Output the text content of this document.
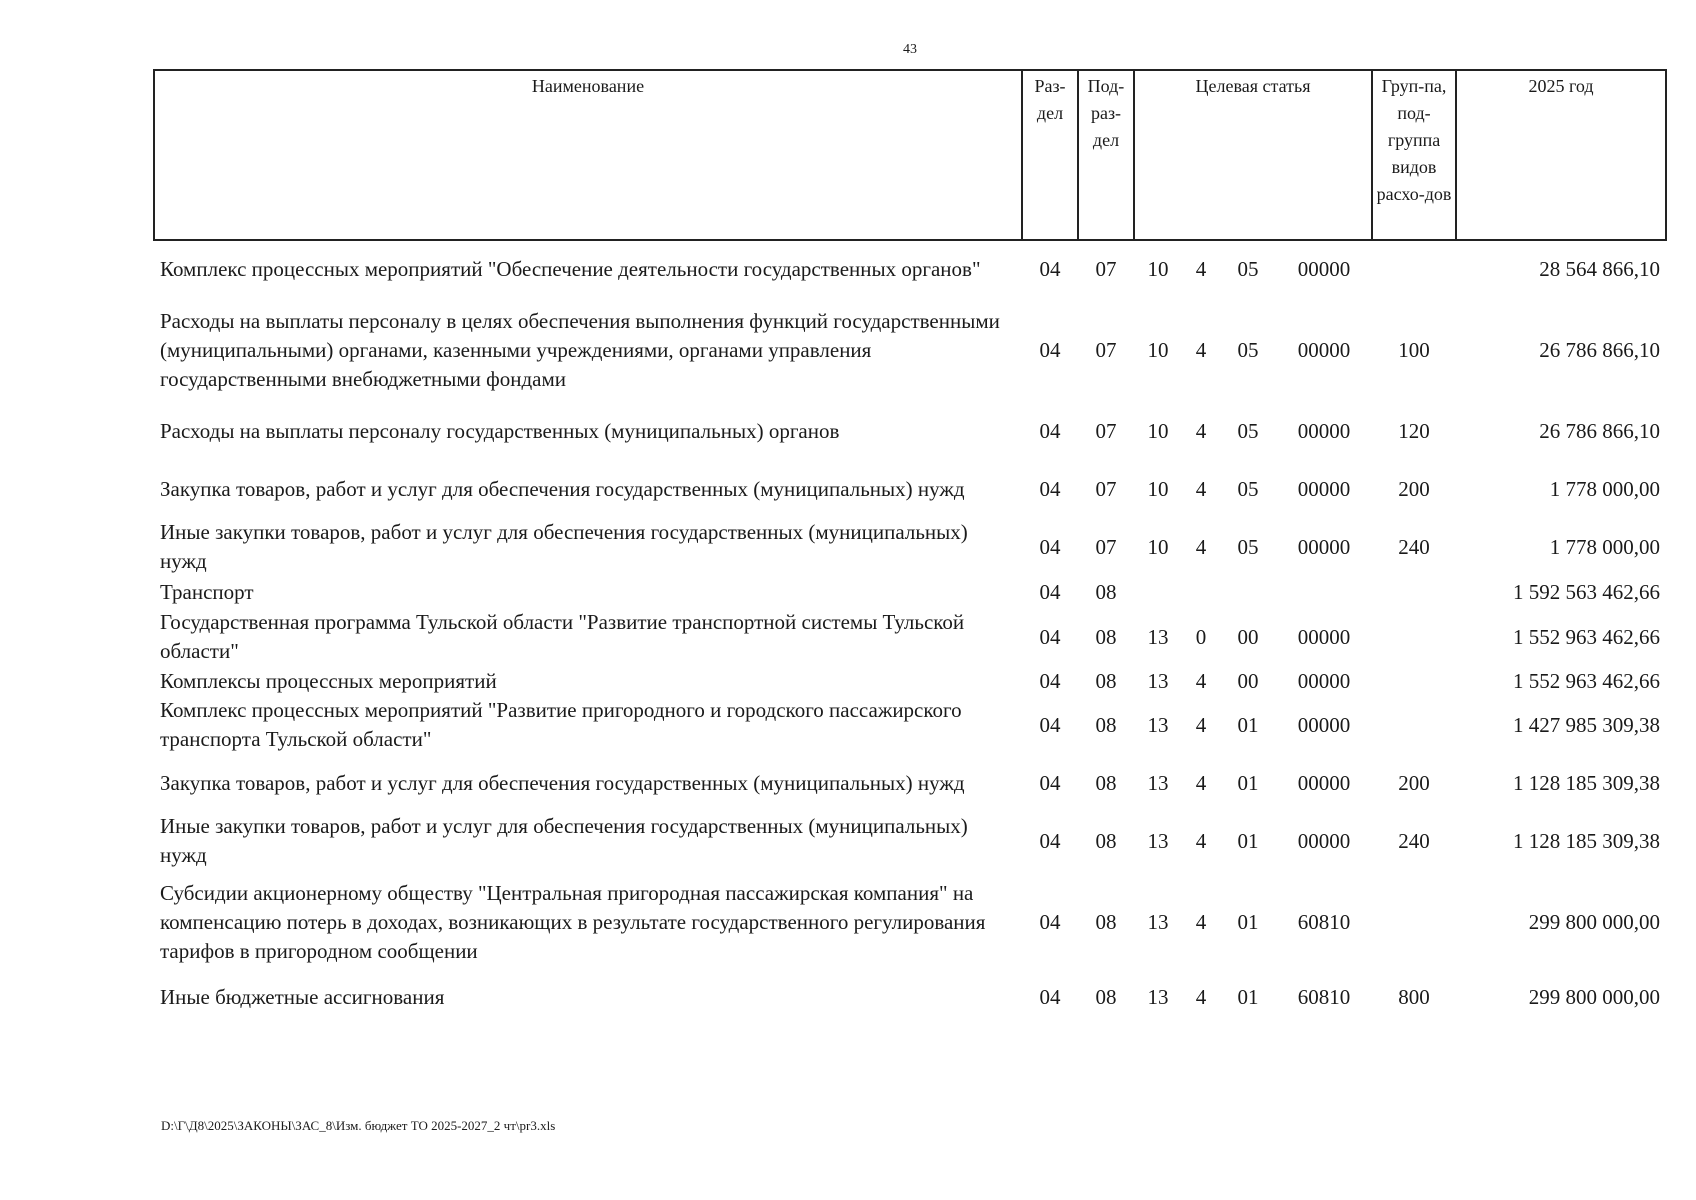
43
Наименование	Раз-дел	Под-раз-дел	Целевая статья				Груп-па, под-группа видов расхо-дов	2025 год
Комплекс процессных мероприятий "Обеспечение деятельности государственных органов"	04	07	10	4	05	00000		28 564 866,10
Расходы на выплаты персоналу в целях обеспечения выполнения функций государственными (муниципальными) органами, казенными учреждениями, органами управления государственными внебюджетными фондами	04	07	10	4	05	00000	100	26 786 866,10
Расходы на выплаты персоналу государственных (муниципальных) органов	04	07	10	4	05	00000	120	26 786 866,10
Закупка товаров, работ и услуг для обеспечения государственных (муниципальных) нужд	04	07	10	4	05	00000	200	1 778 000,00
Иные закупки товаров, работ и услуг для обеспечения государственных (муниципальных) нужд	04	07	10	4	05	00000	240	1 778 000,00
Транспорт	04	08						1 592 563 462,66
Государственная программа Тульской области "Развитие транспортной системы Тульской области"	04	08	13	0	00	00000		1 552 963 462,66
Комплексы процессных мероприятий	04	08	13	4	00	00000		1 552 963 462,66
Комплекс процессных мероприятий "Развитие пригородного и городского пассажирского транспорта Тульской области"	04	08	13	4	01	00000		1 427 985 309,38
Закупка товаров, работ и услуг для обеспечения государственных (муниципальных) нужд	04	08	13	4	01	00000	200	1 128 185 309,38
Иные закупки товаров, работ и услуг для обеспечения государственных (муниципальных) нужд	04	08	13	4	01	00000	240	1 128 185 309,38
Субсидии акционерному обществу "Центральная пригородная пассажирская компания" на компенсацию потерь в доходах, возникающих в результате государственного регулирования тарифов в пригородном сообщении	04	08	13	4	01	60810		299 800 000,00
Иные бюджетные ассигнования	04	08	13	4	01	60810	800	299 800 000,00
D:\Г\Д8\2025\ЗАКОНЫ\ЗАС_8\Изм. бюджет ТО 2025-2027_2 чт\pr3.xls
